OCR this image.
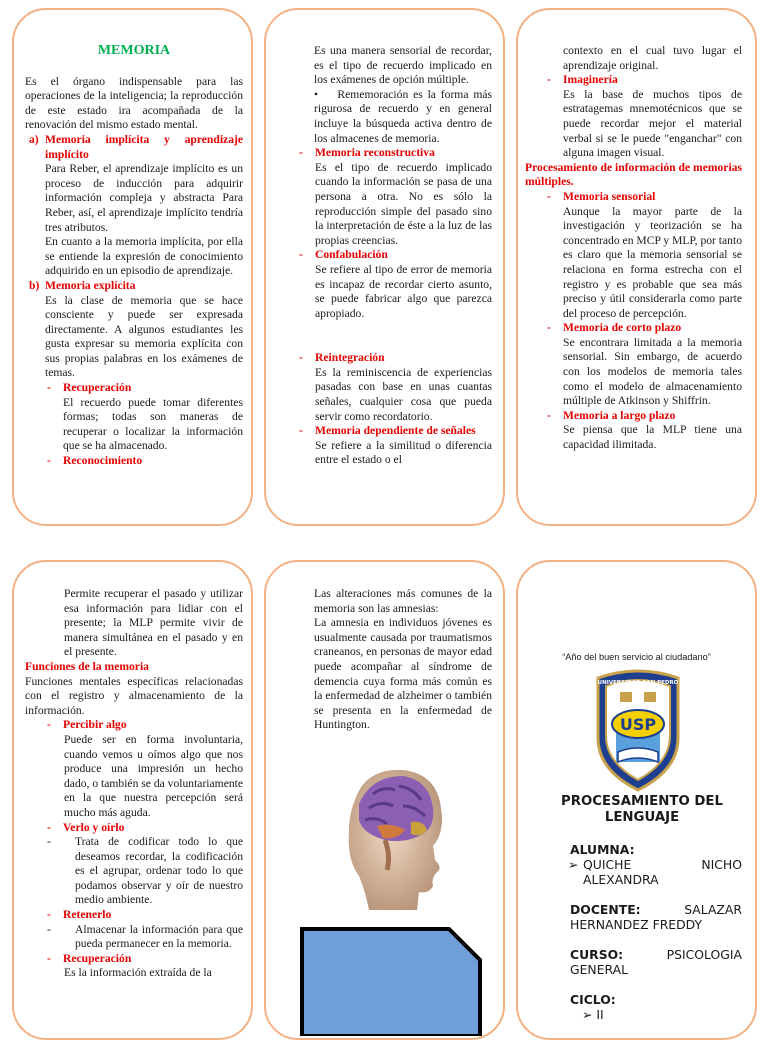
MEMORIA

Es el órgano indispensable para las operaciones de la inteligencia; la reproducción de este estado ira acompañada de la renovación del mismo estado mental.

a) Memoria implícita y aprendizaje implícito

Para Reber, el aprendizaje implícito es un proceso de inducción para adquirir información compleja y abstracta Para Reber, así, el aprendizaje implícito tendría tres atributos.

En cuanto a la memoria implícita, por ella se entiende la expresión de conocimiento adquirido en un episodio de aprendizaje.

b) Memoria explícita

Es la clase de memoria que se hace consciente y puede ser expresada directamente. A algunos estudiantes les gusta expresar su memoria explícita con sus propias palabras en los exámenes de temas.

- Recuperación

El recuerdo puede tomar diferentes formas; todas son maneras de recuperar o localizar la información que se ha almacenado.

- Reconocimiento

Es una manera sensorial de recordar, es el tipo de recuerdo implicado en los exámenes de opción múltiple.

• Rememoración es la forma más rigurosa de recuerdo y en general incluye la búsqueda activa dentro de los almacenes de memoria.

- Memoria reconstructiva

Es el tipo de recuerdo implicado cuando la información se pasa de una persona a otra. No es sólo la reproducción simple del pasado sino la interpretación de éste a la luz de las propias creencias.

- Confabulación

Se refiere al tipo de error de memoria es incapaz de recordar cierto asunto, se puede fabricar algo que parezca apropiado.

- Reintegración

Es la reminiscencia de experiencias pasadas con base en unas cuantas señales, cualquier cosa que pueda servir como recordatorio.

- Memoria dependiente de señales

Se refiere a la similitud o diferencia entre el estado o el

contexto en el cual tuvo lugar el aprendizaje original.

- Imaginería

Es la base de muchos tipos de estratagemas mnemotécnicos que se puede recordar mejor el material verbal si se le puede "enganchar" con alguna imagen visual.

Procesamiento de información de memorias múltiples.

- Memoria sensorial

Aunque la mayor parte de la investigación y teorización se ha concentrado en MCP y MLP, por tanto es claro que la memoria sensorial se relaciona en forma estrecha con el registro y es probable que sea más preciso y útil considerarla como parte del proceso de percepción.

- Memoria de corto plazo

Se encontrara limitada a la memoria sensorial. Sin embargo, de acuerdo con los modelos de memoria tales como el modelo de almacenamiento múltiple de Atkinson y Shiffrin.

- Memoria a largo plazo

Se piensa que la MLP tiene una capacidad ilimitada.

Permite recuperar el pasado y utilizar esa información para lidiar con el presente; la MLP permite vivir de manera simultánea en el pasado y en el presente.

Funciones de la memoria

Funciones mentales específicas relacionadas con el registro y almacenamiento de la información.

- Percibir algo

Puede ser en forma involuntaria, cuando vemos u oímos algo que nos produce una impresión un hecho dado, o también se da voluntariamente en la que nuestra percepción será mucho más aguda.

- Verlo y oírlo

- Trata de codificar todo lo que deseamos recordar, la codificación es el agrupar, ordenar todo lo que podamos observar y oír de nuestro medio ambiente.

- Retenerlo

- Almacenar la información para que pueda permanecer en la memoria.

- Recuperación

Es la información extraída de la

Las alteraciones más comunes de la memoria son las amnesias:

La amnesia en individuos jóvenes es usualmente causada por traumatismos craneanos, en personas de mayor edad puede acompañar al síndrome de demencia cuya forma más común es la enfermedad de alzheimer o también se presenta en la enfermedad de Huntington.

“Año del buen servicio al ciudadano”
UNIVERSIDAD SAN PEDRO
USP
PROCESAMIENTO DEL LENGUAJE

ALUMNA:

➢ QUICHE NICHO ALEXANDRA

DOCENTE:	SALAZAR HERNANDEZ FREDDY

CURSO:	PSICOLOGIA GENERAL

CICLO:

➢ II
